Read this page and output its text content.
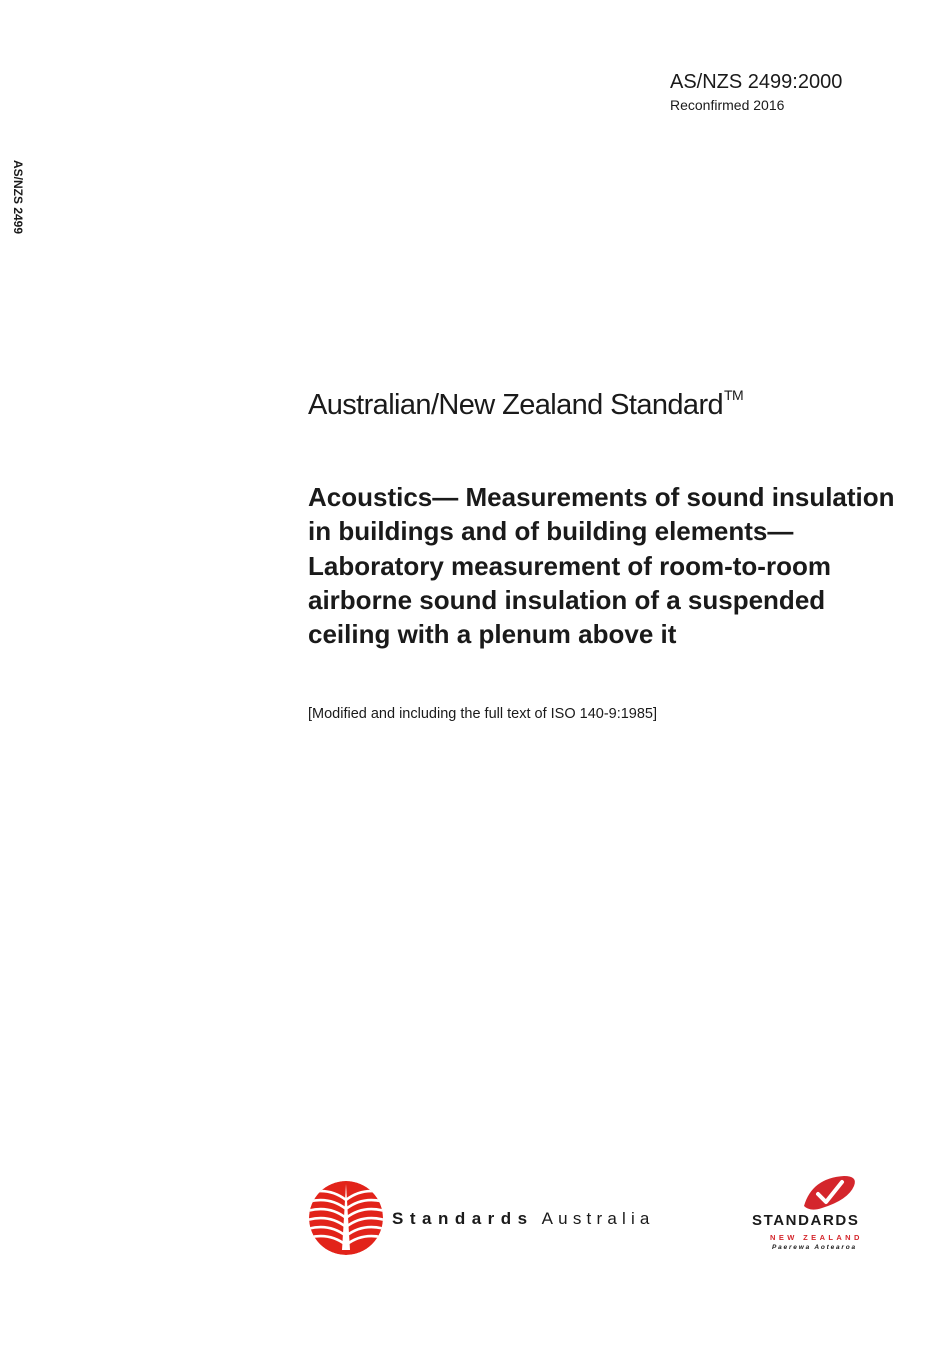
AS/NZS 2499
AS/NZS 2499:2000
Reconfirmed 2016
Australian/New Zealand Standard™
Acoustics— Measurements of sound insulation in buildings and of building elements— Laboratory measurement of room-to-room airborne sound insulation of a suspended ceiling with a plenum above it
[Modified and including the full text of ISO 140-9:1985]
Standards Australia	STANDARDS
NEW ZEALAND
Paerewa Aotearoa
